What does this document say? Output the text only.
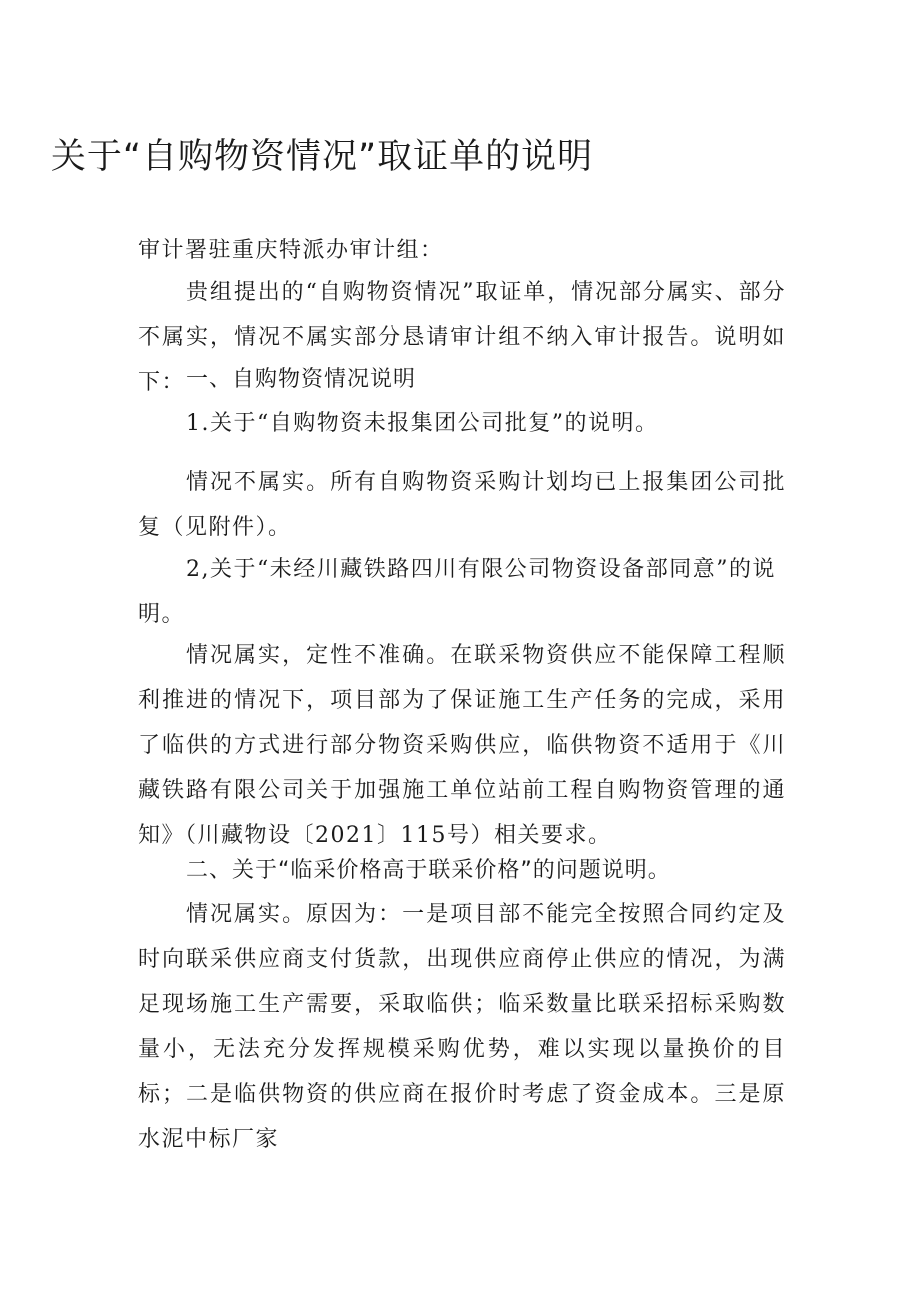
关于“自购物资情况”取证单的说明

审计署驻重庆特派办审计组：

贵组提出的“自购物资情况”取证单，情况部分属实、部分不属实，情况不属实部分恳请审计组不纳入审计报告。说明如下： 一、自购物资情况说明

1.关于“自购物资未报集团公司批复”的说明。

情况不属实。所有自购物资采购计划均已上报集团公司批复（见附件）。

2,关于“未经川藏铁路四川有限公司物资设备部同意”的说明。

情况属实，定性不准确。在联采物资供应不能保障工程顺利推进的情况下，项目部为了保证施工生产任务的完成，采用了临供的方式进行部分物资采购供应，临供物资不适用于《川藏铁路有限公司关于加强施工单位站前工程自购物资管理的通知》（川藏物设〔2021〕115号）相关要求。

二、关于“临采价格高于联采价格”的问题说明。

情况属实。原因为：一是项目部不能完全按照合同约定及时向联采供应商支付货款，出现供应商停止供应的情况，为满足现场施工生产需要，采取临供；临采数量比联采招标采购数量小，无法充分发挥规模采购优势，难以实现以量换价的目标；二是临供物资的供应商在报价时考虑了资金成本。三是原水泥中标厂家
